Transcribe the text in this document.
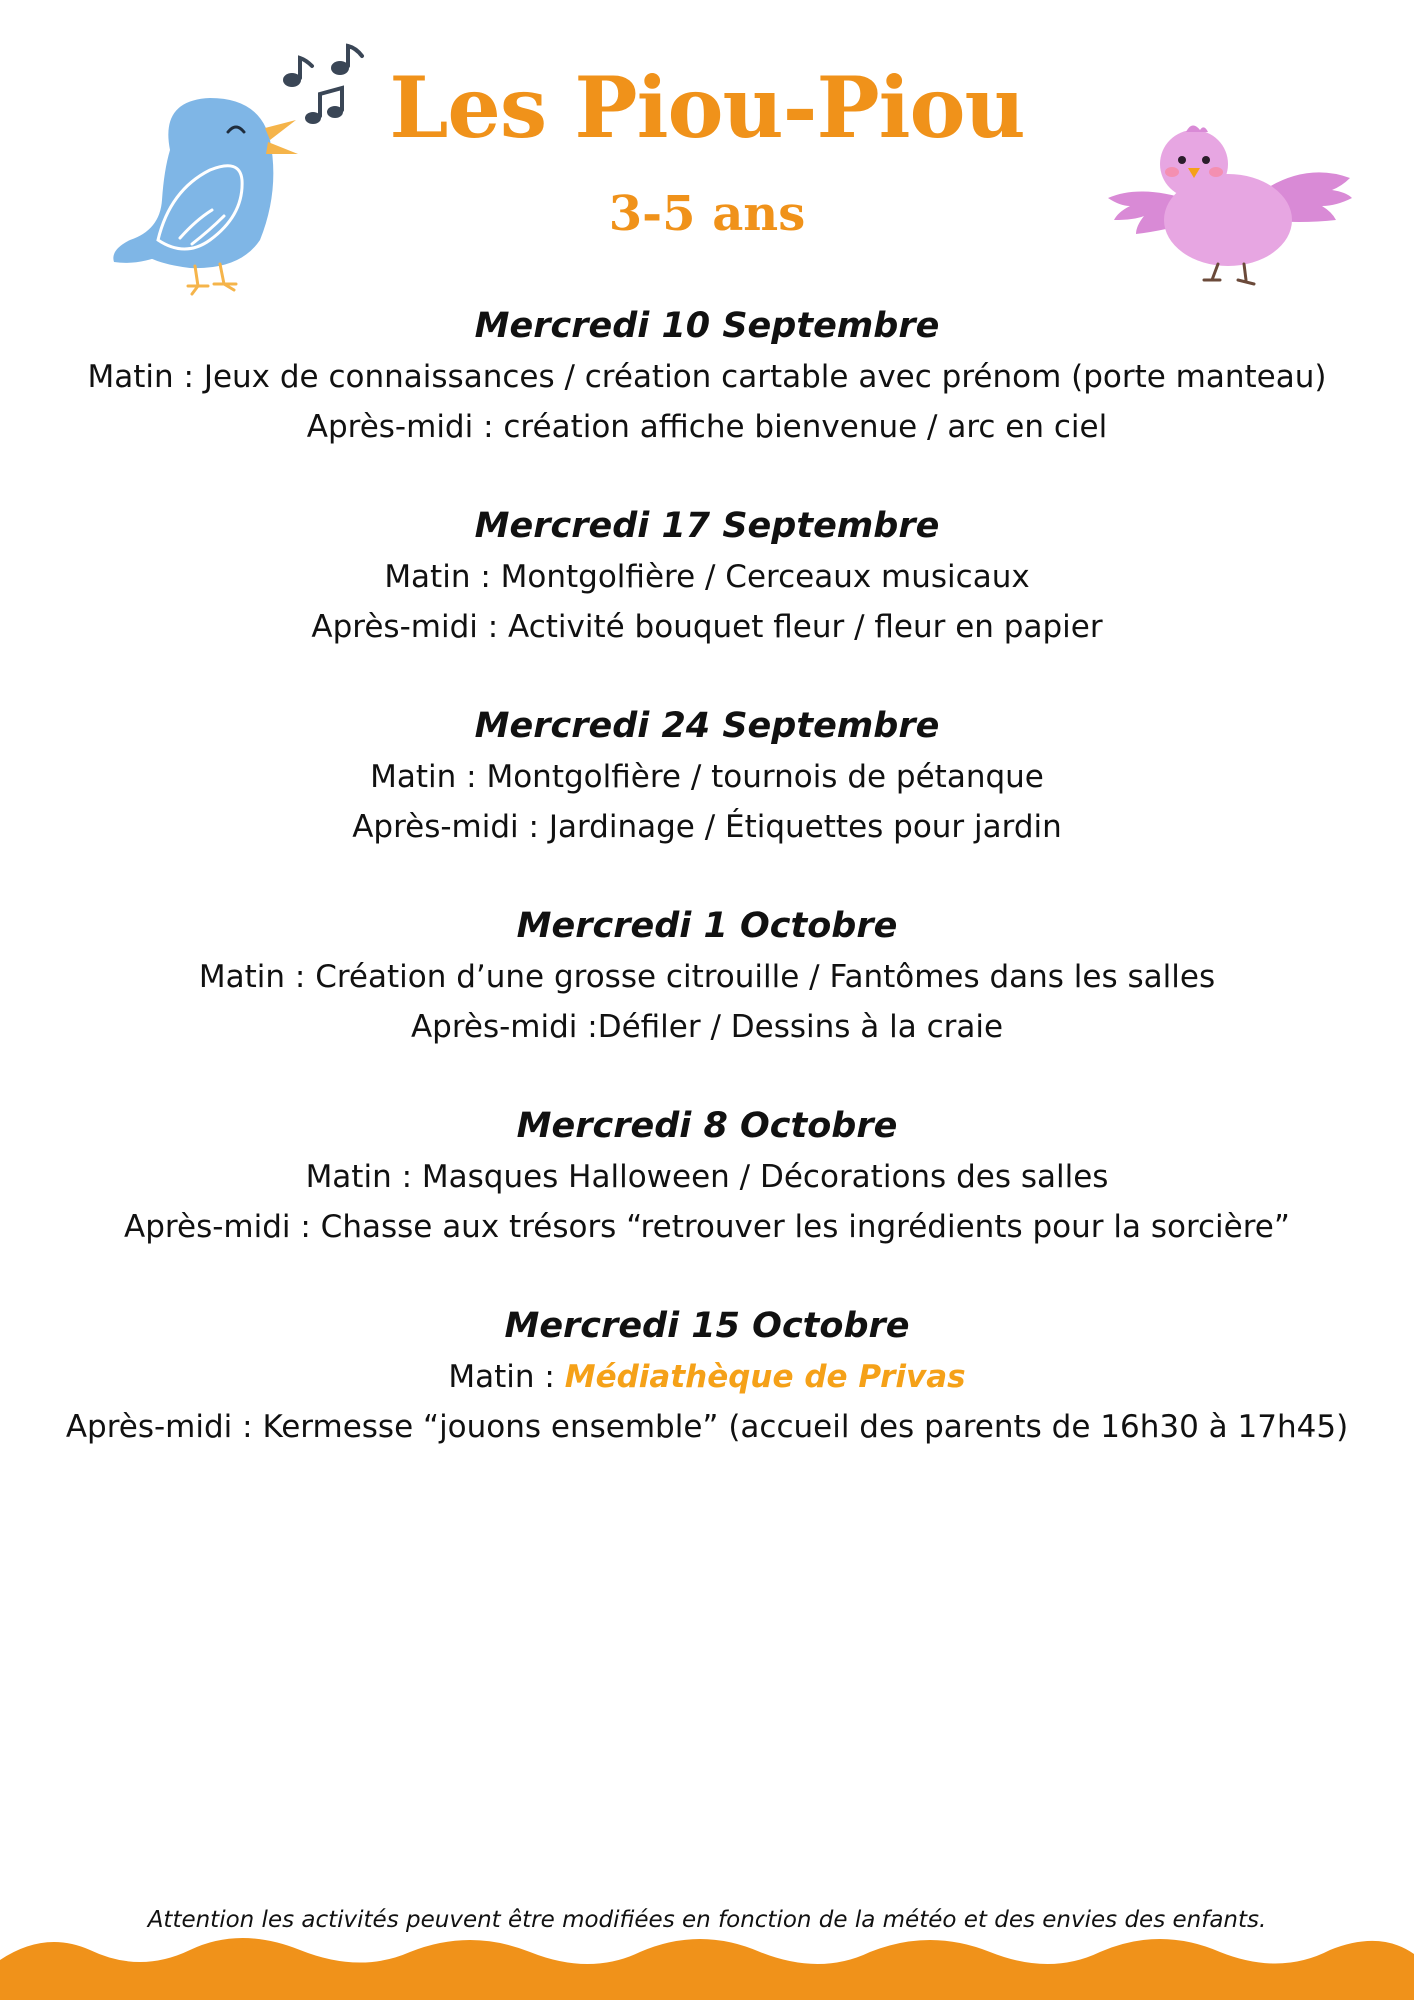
Les Piou-Piou
3-5 ans

Mercredi 10 Septembre

Matin : Jeux de connaissances / création cartable avec prénom (porte manteau)

Après-midi : création affiche bienvenue / arc en ciel

Mercredi 17 Septembre

Matin : Montgolfière / Cerceaux musicaux

Après-midi : Activité bouquet fleur / fleur en papier

Mercredi 24 Septembre

Matin : Montgolfière / tournois de pétanque

Après-midi : Jardinage / Étiquettes pour jardin

Mercredi 1 Octobre

Matin : Création d’une grosse citrouille / Fantômes dans les salles

Après-midi :Défiler / Dessins à la craie

Mercredi 8 Octobre

Matin : Masques Halloween / Décorations des salles

Après-midi : Chasse aux trésors “retrouver les ingrédients pour la sorcière”

Mercredi 15 Octobre

Matin : Médiathèque de Privas

Après-midi : Kermesse “jouons ensemble” (accueil des parents de 16h30 à 17h45)

Attention les activités peuvent être modifiées en fonction de la météo et des envies des enfants.
